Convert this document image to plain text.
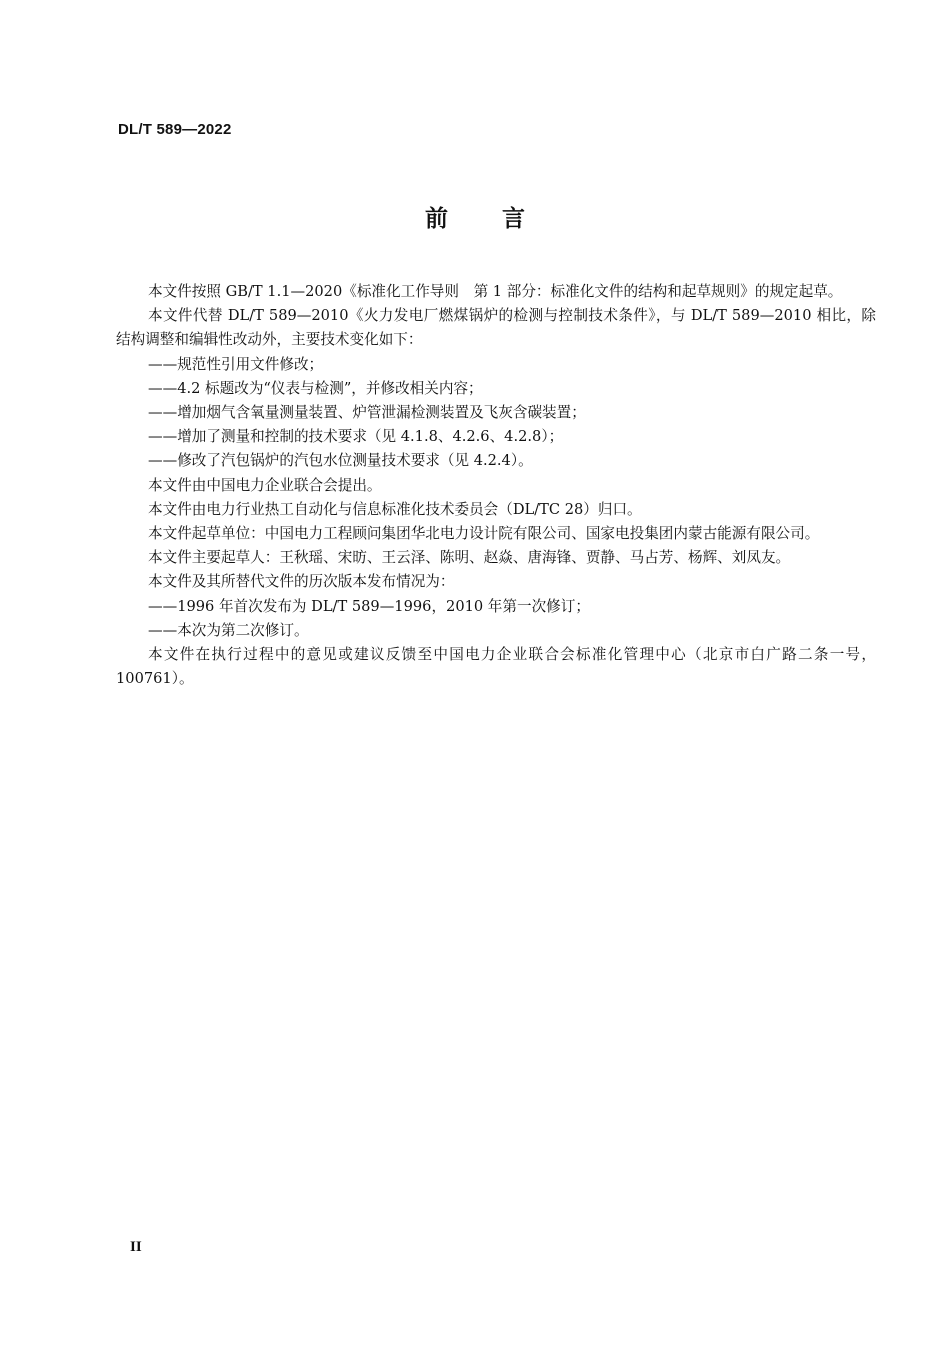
DL/T 589—2022
前言

本文件按照 GB/T 1.1—2020《标准化工作导则　第 1 部分：标准化文件的结构和起草规则》的规定起草。

本文件代替 DL/T 589—2010《火力发电厂燃煤锅炉的检测与控制技术条件》，与 DL/T 589—2010 相比，除结构调整和编辑性改动外，主要技术变化如下：

——规范性引用文件修改；

——4.2 标题改为“仪表与检测”，并修改相关内容；

——增加烟气含氧量测量装置、炉管泄漏检测装置及飞灰含碳装置；

——增加了测量和控制的技术要求（见 4.1.8、4.2.6、4.2.8）；

——修改了汽包锅炉的汽包水位测量技术要求（见 4.2.4）。

本文件由中国电力企业联合会提出。

本文件由电力行业热工自动化与信息标准化技术委员会（DL/TC 28）归口。

本文件起草单位：中国电力工程顾问集团华北电力设计院有限公司、国家电投集团内蒙古能源有限公司。

本文件主要起草人：王秋瑶、宋昉、王云泽、陈明、赵焱、唐海锋、贾静、马占芳、杨辉、刘凤友。

本文件及其所替代文件的历次版本发布情况为：

——1996 年首次发布为 DL/T 589—1996，2010 年第一次修订；

——本次为第二次修订。

本文件在执行过程中的意见或建议反馈至中国电力企业联合会标准化管理中心（北京市白广路二条一号，100761）。

II
